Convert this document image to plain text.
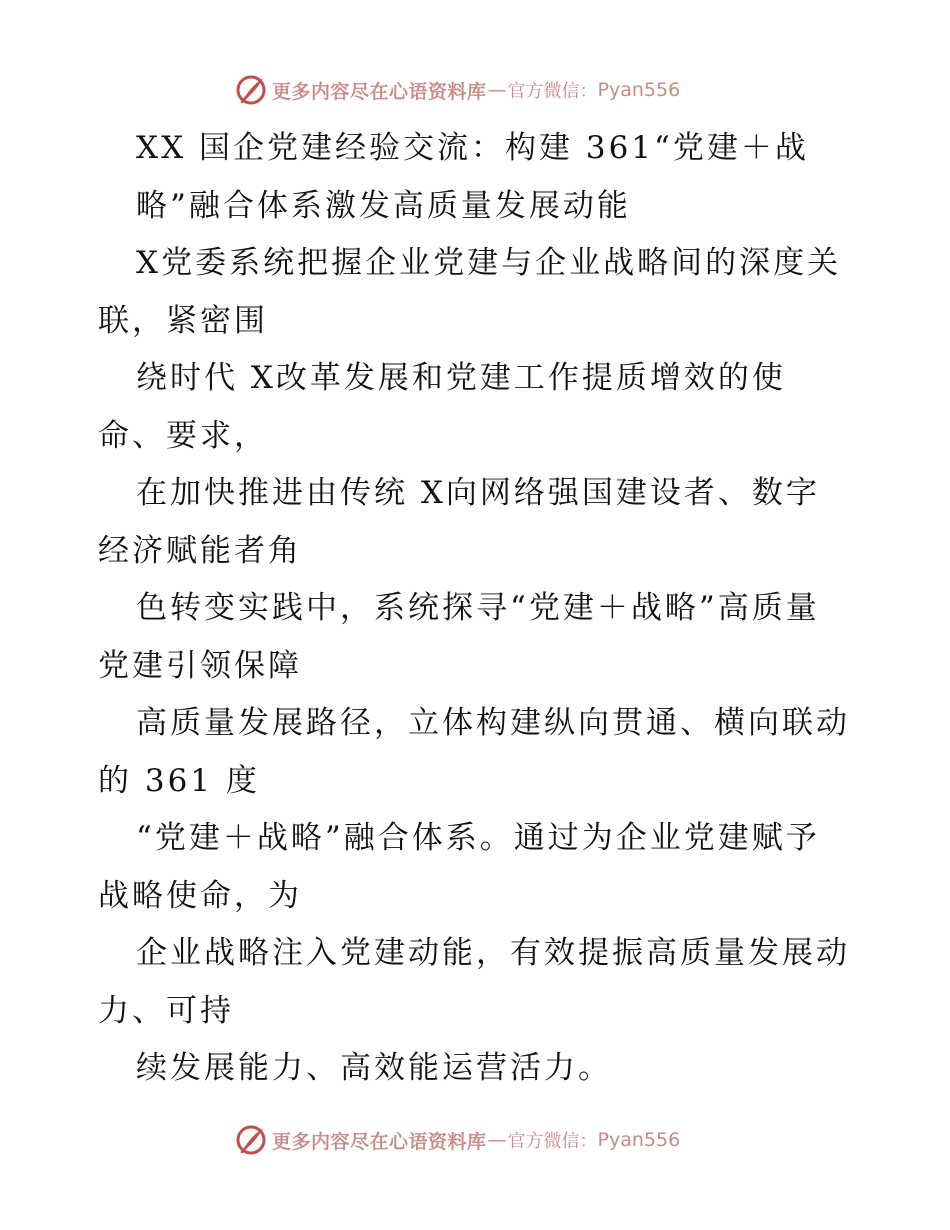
更多内容尽在心语资料库 — 官方微信： Pyan556
XX 国企党建经验交流：构建 361“党建＋战
略”融合体系激发高质量发展动能
X党委系统把握企业党建与企业战略间的深度关
联，紧密围
绕时代 X改革发展和党建工作提质增效的使
命、要求，
在加快推进由传统 X向网络强国建设者、数字
经济赋能者角
色转变实践中，系统探寻“党建＋战略”高质量
党建引领保障
高质量发展路径，立体构建纵向贯通、横向联动
的 361 度
“党建＋战略”融合体系。通过为企业党建赋予
战略使命，为
企业战略注入党建动能，有效提振高质量发展动
力、可持
续发展能力、高效能运营活力。
更多内容尽在心语资料库 — 官方微信： Pyan556
